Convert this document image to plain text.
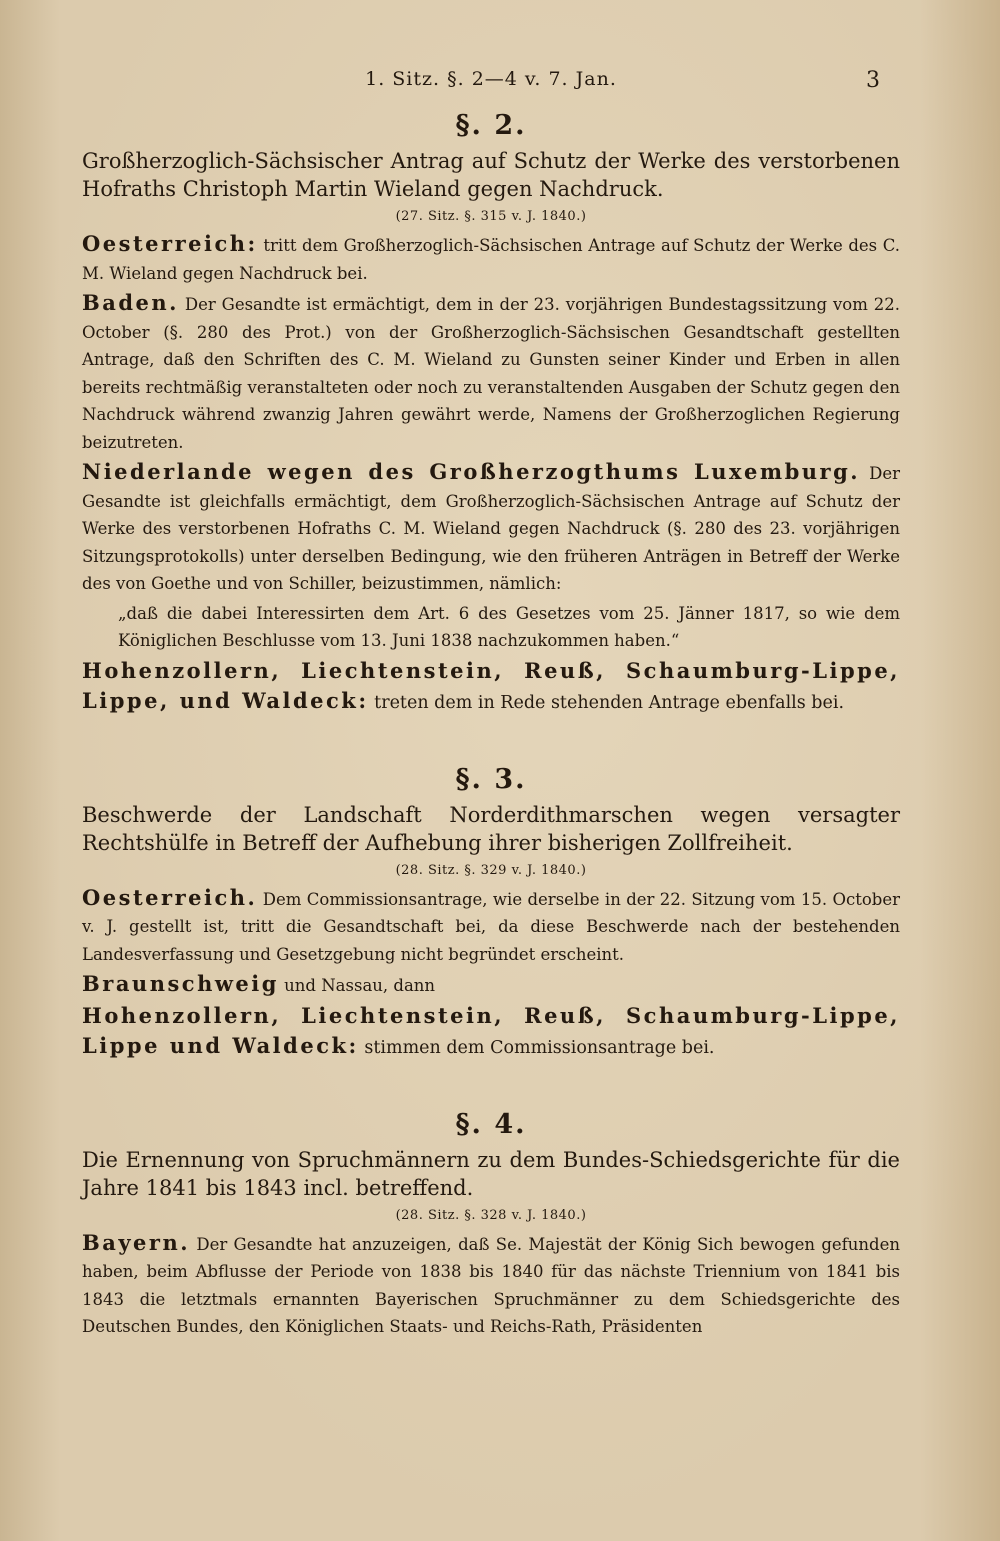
1. Sitz. §. 2—4 v. 7. Jan.	3
§. 2.

Großherzoglich-Sächsischer Antrag auf Schutz der Werke des verstorbenen Hofraths Christoph Martin Wieland gegen Nachdruck.

(27. Sitz. §. 315 v. J. 1840.)

Oesterreich: tritt dem Großherzoglich-Sächsischen Antrage auf Schutz der Werke des C. M. Wieland gegen Nachdruck bei.

Baden. Der Gesandte ist ermächtigt, dem in der 23. vorjährigen Bundestagssitzung vom 22. October (§. 280 des Prot.) von der Großherzoglich-Sächsischen Gesandtschaft gestellten Antrage, daß den Schriften des C. M. Wieland zu Gunsten seiner Kinder und Erben in allen bereits rechtmäßig veranstalteten oder noch zu veranstaltenden Ausgaben der Schutz gegen den Nachdruck während zwanzig Jahren gewährt werde, Namens der Großherzoglichen Regierung beizutreten.

Niederlande wegen des Großherzogthums Luxemburg. Der Gesandte ist gleichfalls ermächtigt, dem Großherzoglich-Sächsischen Antrage auf Schutz der Werke des verstorbenen Hofraths C. M. Wieland gegen Nachdruck (§. 280 des 23. vorjährigen Sitzungsprotokolls) unter derselben Bedingung, wie den früheren Anträgen in Betreff der Werke des von Goethe und von Schiller, beizustimmen, nämlich:

„daß die dabei Interessirten dem Art. 6 des Gesetzes vom 25. Jänner 1817, so wie dem Königlichen Beschlusse vom 13. Juni 1838 nachzukommen haben.“

Hohenzollern, Liechtenstein, Reuß, Schaumburg-Lippe, Lippe, und Waldeck: treten dem in Rede stehenden Antrage ebenfalls bei.

§. 3.

Beschwerde der Landschaft Norderdithmarschen wegen versagter Rechtshülfe in Betreff der Aufhebung ihrer bisherigen Zollfreiheit.

(28. Sitz. §. 329 v. J. 1840.)

Oesterreich. Dem Commissionsantrage, wie derselbe in der 22. Sitzung vom 15. October v. J. gestellt ist, tritt die Gesandtschaft bei, da diese Beschwerde nach der bestehenden Landesverfassung und Gesetzgebung nicht begründet erscheint.

Braunschweig und Nassau, dann

Hohenzollern, Liechtenstein, Reuß, Schaumburg-Lippe, Lippe und Waldeck: stimmen dem Commissionsantrage bei.

§. 4.

Die Ernennung von Spruchmännern zu dem Bundes-Schiedsgerichte für die Jahre 1841 bis 1843 incl. betreffend.

(28. Sitz. §. 328 v. J. 1840.)

Bayern. Der Gesandte hat anzuzeigen, daß Se. Majestät der König Sich bewogen gefunden haben, beim Abflusse der Periode von 1838 bis 1840 für das nächste Triennium von 1841 bis 1843 die letztmals ernannten Bayerischen Spruchmänner zu dem Schiedsgerichte des Deutschen Bundes, den Königlichen Staats- und Reichs-Rath, Präsidenten
